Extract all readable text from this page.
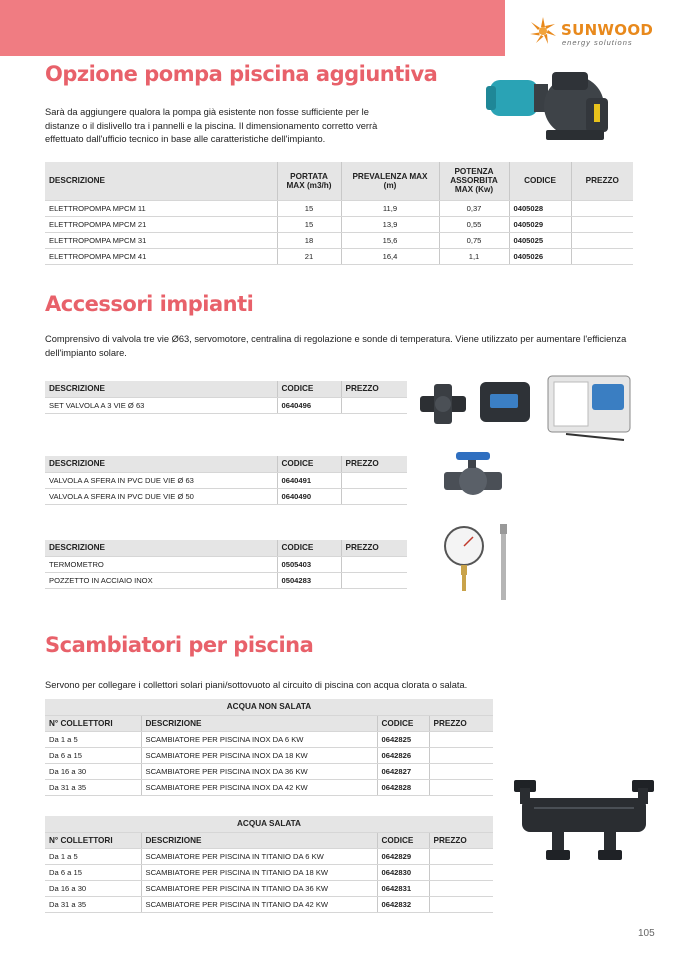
SUNWOOD
energy solutions
Opzione pompa piscina aggiuntiva
Sarà da aggiungere qualora la pompa già esistente non fosse sufficiente per le distanze o il dislivello tra i pannelli e la piscina. Il dimensionamento corretto verrà effettuato dall'ufficio tecnico in base alle caratteristiche dell'impianto.
DESCRIZIONE	PORTATA MAX (m3/h)	PREVALENZA MAX (m)	POTENZA ASSORBITA MAX (Kw)	CODICE	PREZZO
ELETTROPOMPA MPCM 11	15	11,9	0,37	0405028	
ELETTROPOMPA MPCM 21	15	13,9	0,55	0405029	
ELETTROPOMPA MPCM 31	18	15,6	0,75	0405025	
ELETTROPOMPA MPCM 41	21	16,4	1,1	0405026	
Accessori impianti
Comprensivo di valvola tre vie Ø63, servomotore, centralina di regolazione e sonde di temperatura. Viene utilizzato per aumentare l'efficienza dell'impianto solare.
DESCRIZIONE	CODICE	PREZZO
SET VALVOLA A 3 VIE Ø 63	0640496	
DESCRIZIONE	CODICE	PREZZO
VALVOLA A SFERA IN PVC DUE VIE Ø 63	0640491	
VALVOLA A SFERA IN PVC DUE VIE Ø 50	0640490	
DESCRIZIONE	CODICE	PREZZO
TERMOMETRO	0505403	
POZZETTO IN ACCIAIO INOX	0504283	
Scambiatori per piscina
Servono per collegare i collettori solari piani/sottovuoto al circuito di piscina con acqua clorata o salata.
ACQUA NON SALATA			
N° COLLETTORI	DESCRIZIONE	CODICE	PREZZO
Da 1 a 5	SCAMBIATORE PER PISCINA INOX DA 6 KW	0642825	
Da 6 a 15	SCAMBIATORE PER PISCINA INOX DA 18 KW	0642826	
Da 16 a 30	SCAMBIATORE PER PISCINA INOX DA 36 KW	0642827	
Da 31 a 35	SCAMBIATORE PER PISCINA INOX DA 42 KW	0642828	
ACQUA SALATA			
N° COLLETTORI	DESCRIZIONE	CODICE	PREZZO
Da 1 a 5	SCAMBIATORE PER PISCINA IN TITANIO DA 6 KW	0642829	
Da 6 a 15	SCAMBIATORE PER PISCINA IN TITANIO DA 18 KW	0642830	
Da 16 a 30	SCAMBIATORE PER PISCINA IN TITANIO DA 36 KW	0642831	
Da 31 a 35	SCAMBIATORE PER PISCINA IN TITANIO DA 42 KW	0642832	
105
